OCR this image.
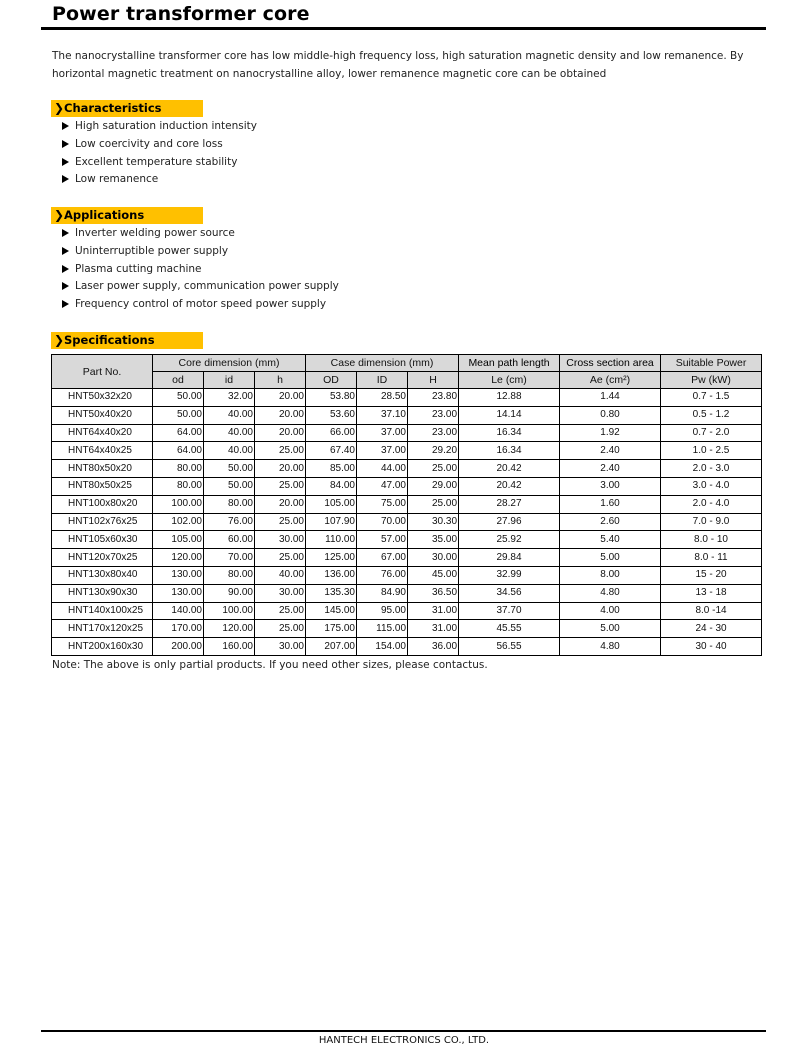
Power transformer core
The nanocrystalline transformer core has low middle-high frequency loss, high saturation magnetic density and low remanence. By horizontal magnetic treatment on nanocrystalline alloy, lower remanence magnetic core can be obtained
❯Characteristics
High saturation induction intensity
Low coercivity and core loss
Excellent temperature stability
Low remanence
❯Applications
Inverter welding power source
Uninterruptible power supply
Plasma cutting machine
Laser power supply, communication power supply
Frequency control of motor speed power supply
❯Specifications
Part No.	Core dimension (mm)			Case dimension (mm)			Mean path length	Cross section area	Suitable Power
	od	id	h	OD	ID	H	Le (cm)	Ae (cm²)	Pw (kW)
HNT50x32x20	50.00	32.00	20.00	53.80	28.50	23.80	12.88	1.44	0.7 - 1.5
HNT50x40x20	50.00	40.00	20.00	53.60	37.10	23.00	14.14	0.80	0.5 - 1.2
HNT64x40x20	64.00	40.00	20.00	66.00	37.00	23.00	16.34	1.92	0.7 - 2.0
HNT64x40x25	64.00	40.00	25.00	67.40	37.00	29.20	16.34	2.40	1.0 - 2.5
HNT80x50x20	80.00	50.00	20.00	85.00	44.00	25.00	20.42	2.40	2.0 - 3.0
HNT80x50x25	80.00	50.00	25.00	84.00	47.00	29.00	20.42	3.00	3.0 - 4.0
HNT100x80x20	100.00	80.00	20.00	105.00	75.00	25.00	28.27	1.60	2.0 - 4.0
HNT102x76x25	102.00	76.00	25.00	107.90	70.00	30.30	27.96	2.60	7.0 - 9.0
HNT105x60x30	105.00	60.00	30.00	110.00	57.00	35.00	25.92	5.40	8.0 - 10
HNT120x70x25	120.00	70.00	25.00	125.00	67.00	30.00	29.84	5.00	8.0 - 11
HNT130x80x40	130.00	80.00	40.00	136.00	76.00	45.00	32.99	8.00	15 - 20
HNT130x90x30	130.00	90.00	30.00	135.30	84.90	36.50	34.56	4.80	13 - 18
HNT140x100x25	140.00	100.00	25.00	145.00	95.00	31.00	37.70	4.00	8.0 -14
HNT170x120x25	170.00	120.00	25.00	175.00	115.00	31.00	45.55	5.00	24 - 30
HNT200x160x30	200.00	160.00	30.00	207.00	154.00	36.00	56.55	4.80	30 - 40
Note: The above is only partial products. If you need other sizes, please contactus.
HANTECH ELECTRONICS CO., LTD.
